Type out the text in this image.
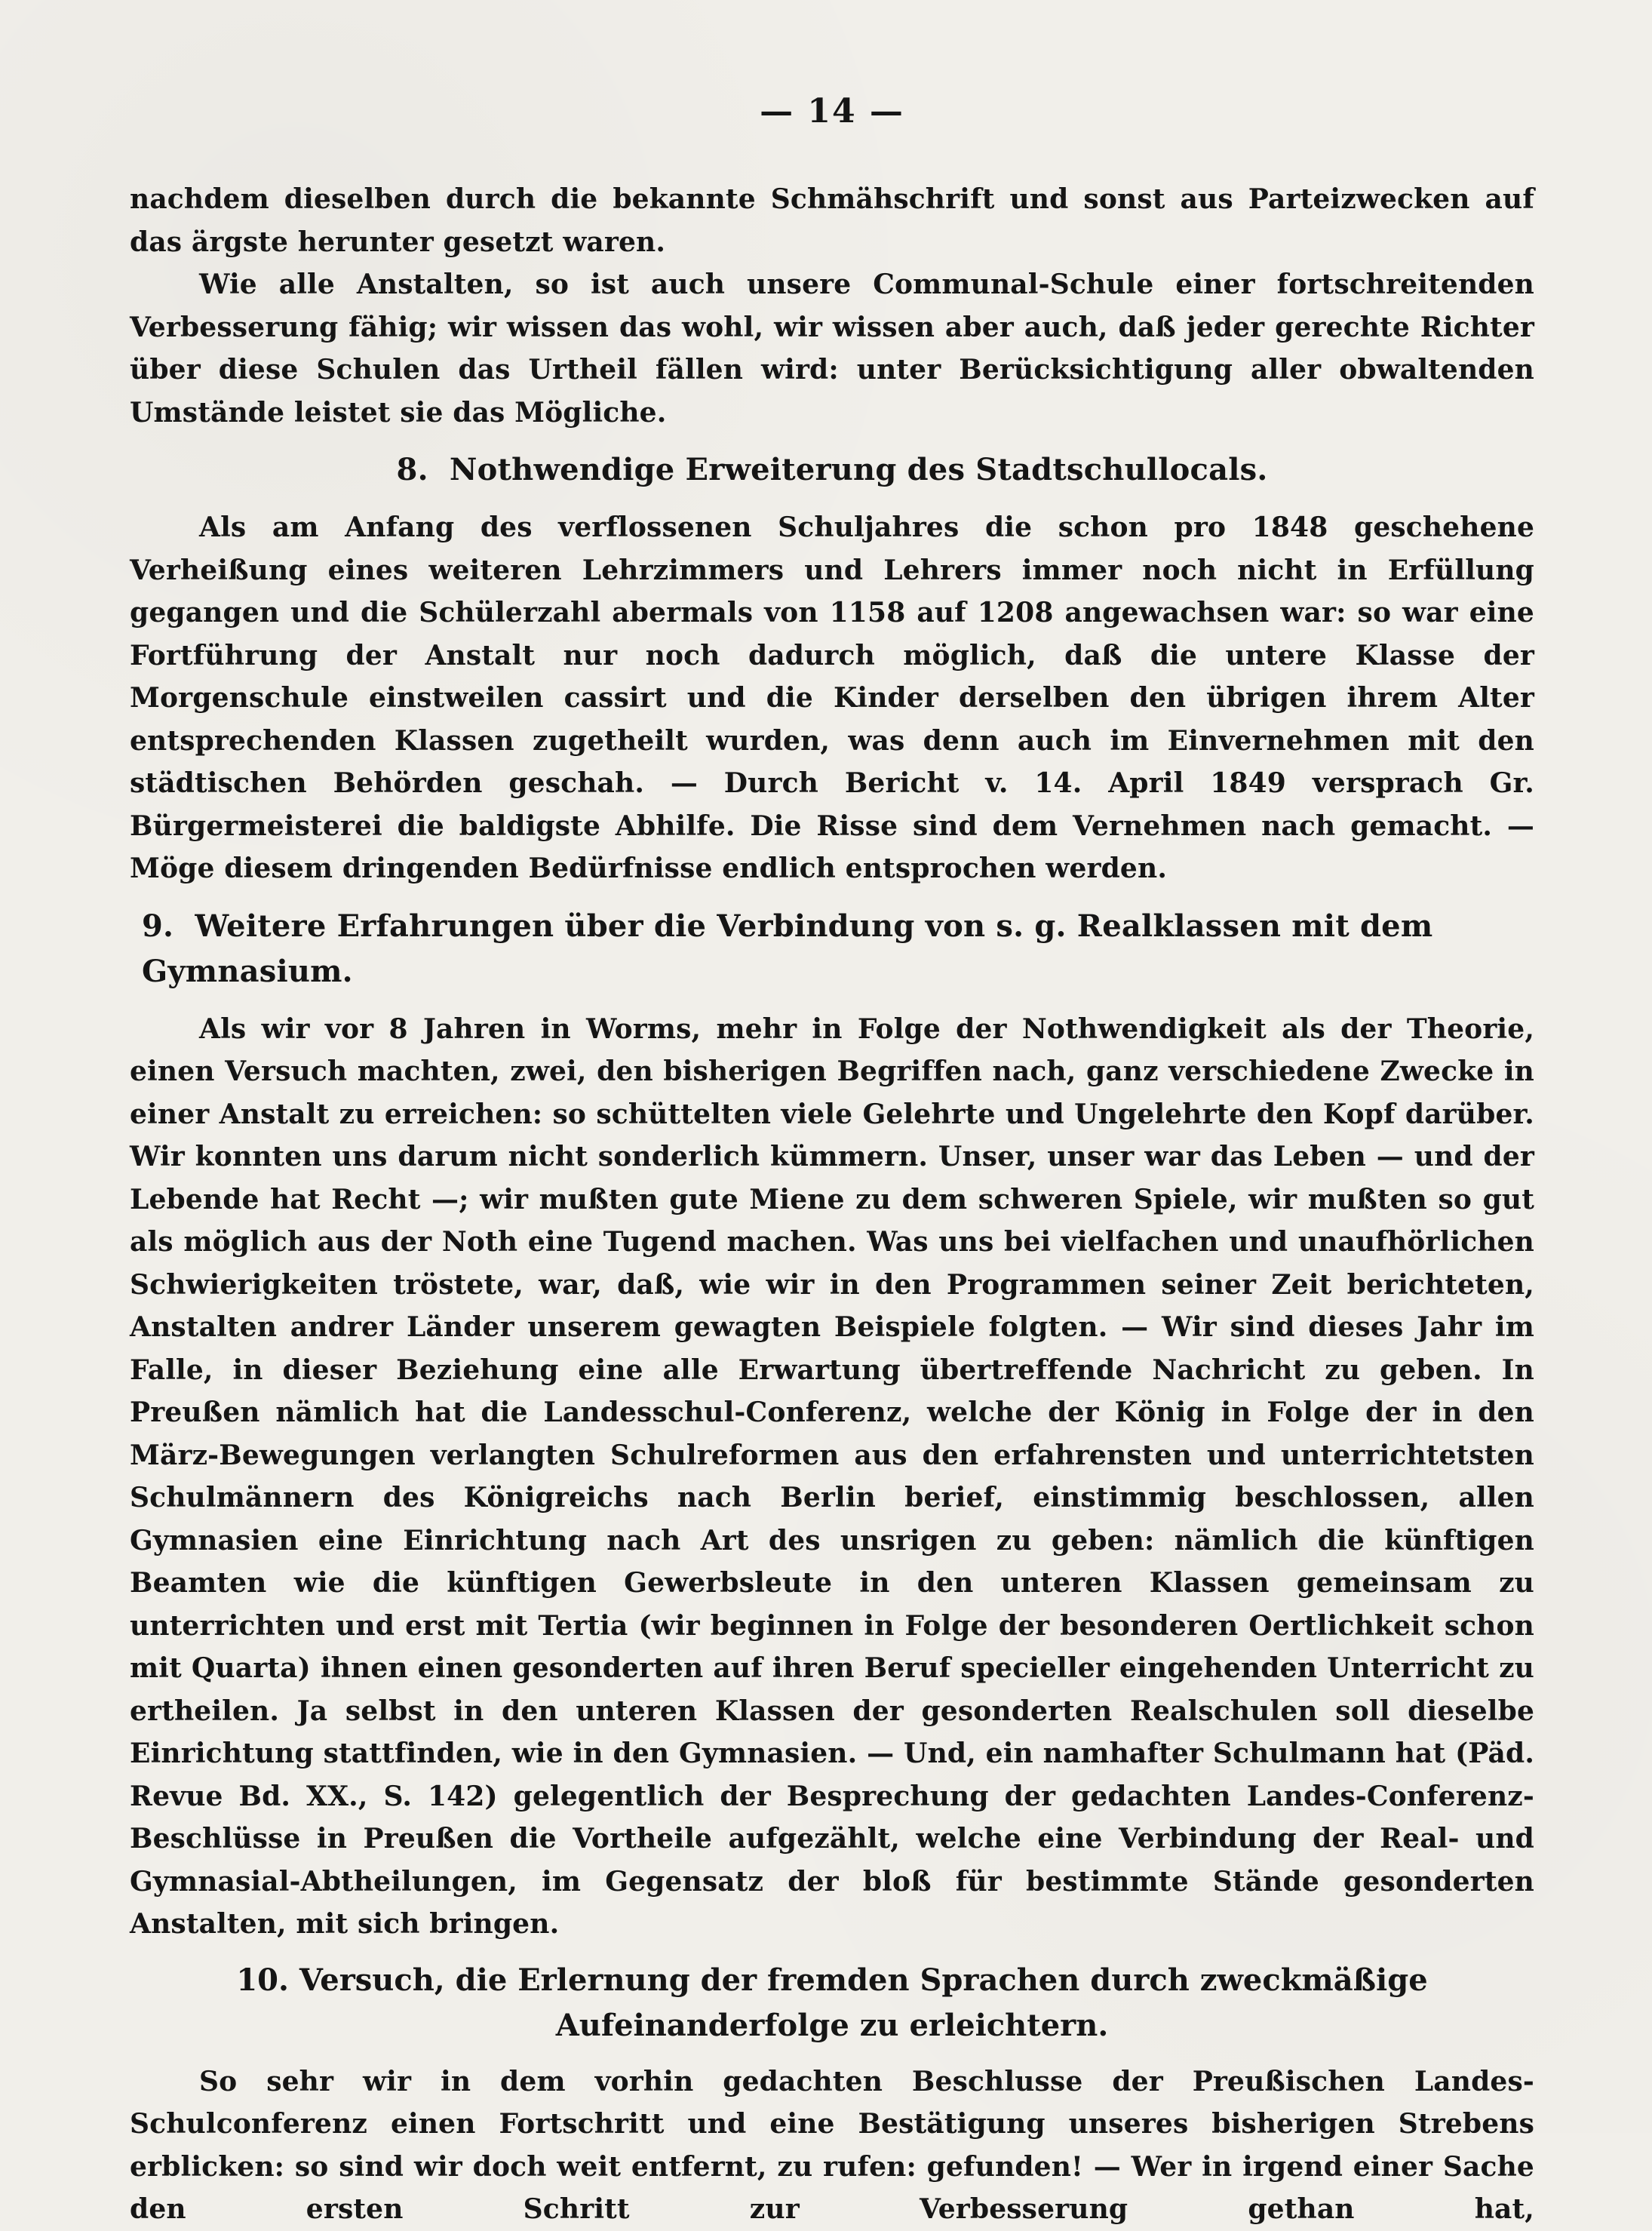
— 14 —

nachdem dieselben durch die bekannte Schmähschrift und sonst aus Parteizwecken auf das ärgste herunter gesetzt waren.

Wie alle Anstalten, so ist auch unsere Communal-Schule einer fortschreitenden Verbesserung fähig; wir wissen das wohl, wir wissen aber auch, daß jeder gerechte Richter über diese Schulen das Urtheil fällen wird: unter Berücksichtigung aller obwaltenden Umstände leistet sie das Mögliche.

8. Nothwendige Erweiterung des Stadtschullocals.

Als am Anfang des verflossenen Schuljahres die schon pro 1848 geschehene Verheißung eines weiteren Lehrzimmers und Lehrers immer noch nicht in Erfüllung gegangen und die Schülerzahl abermals von 1158 auf 1208 angewachsen war: so war eine Fortführung der Anstalt nur noch dadurch möglich, daß die untere Klasse der Morgenschule einstweilen cassirt und die Kinder derselben den übrigen ihrem Alter entsprechenden Klassen zugetheilt wurden, was denn auch im Einvernehmen mit den städtischen Behörden geschah. — Durch Bericht v. 14. April 1849 versprach Gr. Bürgermeisterei die baldigste Abhilfe. Die Risse sind dem Vernehmen nach gemacht. — Möge diesem dringenden Bedürfnisse endlich entsprochen werden.

9. Weitere Erfahrungen über die Verbindung von s. g. Realklassen mit dem Gymnasium.

Als wir vor 8 Jahren in Worms, mehr in Folge der Nothwendigkeit als der Theorie, einen Versuch machten, zwei, den bisherigen Begriffen nach, ganz verschiedene Zwecke in einer Anstalt zu erreichen: so schüttelten viele Gelehrte und Ungelehrte den Kopf darüber. Wir konnten uns darum nicht sonderlich kümmern. Unser, unser war das Leben — und der Lebende hat Recht —; wir mußten gute Miene zu dem schweren Spiele, wir mußten so gut als möglich aus der Noth eine Tugend machen. Was uns bei vielfachen und unaufhörlichen Schwierigkeiten tröstete, war, daß, wie wir in den Programmen seiner Zeit berichteten, Anstalten andrer Länder unserem gewagten Beispiele folgten. — Wir sind dieses Jahr im Falle, in dieser Beziehung eine alle Erwartung übertreffende Nachricht zu geben. In Preußen nämlich hat die Landesschul-Conferenz, welche der König in Folge der in den März-Bewegungen verlangten Schulreformen aus den erfahrensten und unterrichtetsten Schulmännern des Königreichs nach Berlin berief, einstimmig beschlossen, allen Gymnasien eine Einrichtung nach Art des unsrigen zu geben: nämlich die künftigen Beamten wie die künftigen Gewerbsleute in den unteren Klassen gemeinsam zu unterrichten und erst mit Tertia (wir beginnen in Folge der besonderen Oertlichkeit schon mit Quarta) ihnen einen gesonderten auf ihren Beruf specieller eingehenden Unterricht zu ertheilen. Ja selbst in den unteren Klassen der gesonderten Realschulen soll dieselbe Einrichtung stattfinden, wie in den Gymnasien. — Und, ein namhafter Schulmann hat (Päd. Revue Bd. XX., S. 142) gelegentlich der Besprechung der gedachten Landes-Conferenz-Beschlüsse in Preußen die Vortheile aufgezählt, welche eine Verbindung der Real- und Gymnasial-Abtheilungen, im Gegensatz der bloß für bestimmte Stände gesonderten Anstalten, mit sich bringen.

10. Versuch, die Erlernung der fremden Sprachen durch zweckmäßige Aufeinanderfolge zu erleichtern.

So sehr wir in dem vorhin gedachten Beschlusse der Preußischen Landes-Schulconferenz einen Fortschritt und eine Bestätigung unseres bisherigen Strebens erblicken: so sind wir doch weit entfernt, zu rufen: gefunden! — Wer in irgend einer Sache den ersten Schritt zur Verbesserung gethan hat,
